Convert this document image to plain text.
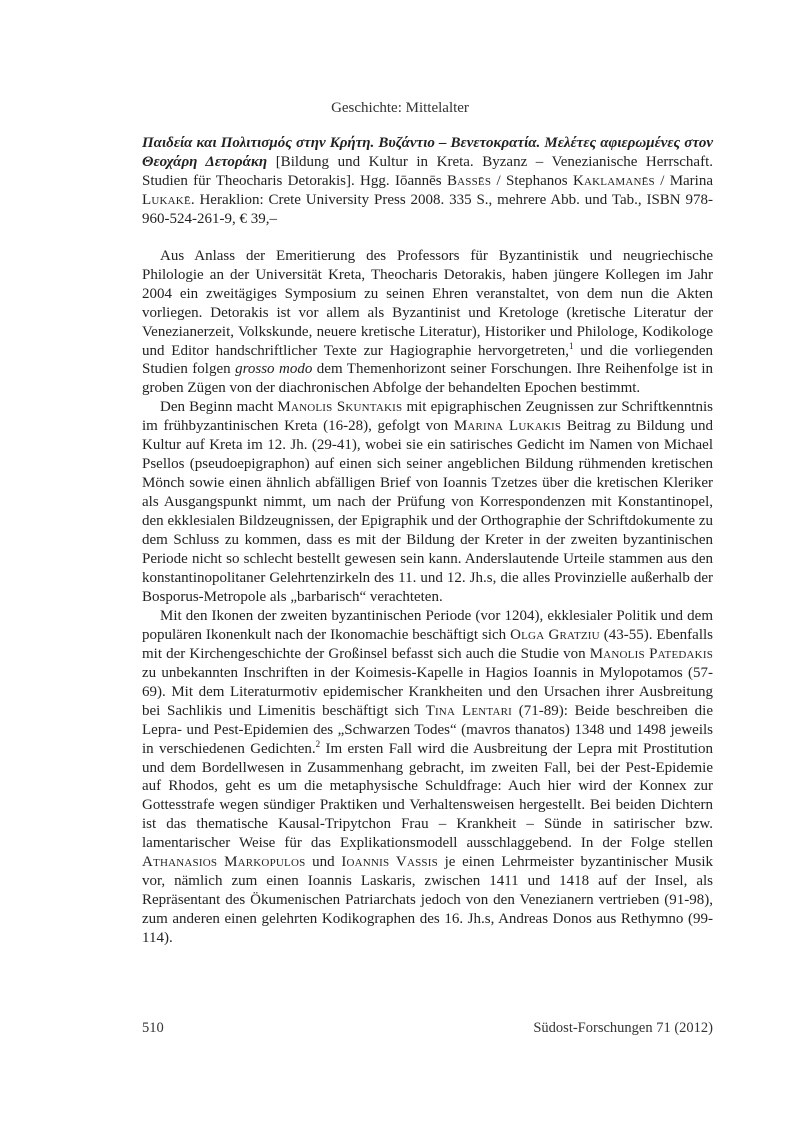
Geschichte: Mittelalter

Παιδεία και Πολιτισμός στην Κρήτη. Βυζάντιο – Βενετοκρατία. Μελέτες αφιερωμένες στον Θεοχάρη Δετοράκη [Bildung und Kultur in Kreta. Byzanz – Venezianische Herrschaft. Studien für Theocharis Detorakis]. Hgg. Iōannēs Bassēs / Stephanos Kaklamanēs / Marina Lukakē. Heraklion: Crete University Press 2008. 335 S., mehrere Abb. und Tab., ISBN 978-960-524-261-9, € 39,–

Aus Anlass der Emeritierung des Professors für Byzantinistik und neugriechische Philologie an der Universität Kreta, Theocharis Detorakis, haben jüngere Kollegen im Jahr 2004 ein zweitägiges Symposium zu seinen Ehren veranstaltet, von dem nun die Akten vorliegen. Detorakis ist vor allem als Byzantinist und Kretologe (kretische Literatur der Venezianerzeit, Volkskunde, neuere kretische Literatur), Historiker und Philologe, Kodikologe und Editor handschriftlicher Texte zur Hagiographie hervorgetreten,$^1$ und die vorliegenden Studien folgen grosso modo dem Themenhorizont seiner Forschungen. Ihre Reihenfolge ist in groben Zügen von der diachronischen Abfolge der behandelten Epochen bestimmt.

Den Beginn macht Manolis Skuntakis mit epigraphischen Zeugnissen zur Schriftkenntnis im frühbyzantinischen Kreta (16-28), gefolgt von Marina Lukakis Beitrag zu Bildung und Kultur auf Kreta im 12. Jh. (29-41), wobei sie ein satirisches Gedicht im Namen von Michael Psellos (pseudoepigraphon) auf einen sich seiner angeblichen Bildung rühmenden kretischen Mönch sowie einen ähnlich abfälligen Brief von Ioannis Tzetzes über die kretischen Kleriker als Ausgangspunkt nimmt, um nach der Prüfung von Korrespondenzen mit Konstantinopel, den ekklesialen Bildzeugnissen, der Epigraphik und der Orthographie der Schriftdokumente zu dem Schluss zu kommen, dass es mit der Bildung der Kreter in der zweiten byzantinischen Periode nicht so schlecht bestellt gewesen sein kann. Anderslautende Urteile stammen aus den konstantinopolitaner Gelehrtenzirkeln des 11. und 12. Jh.s, die alles Provinzielle außerhalb der Bosporus-Metropole als „barbarisch“ verachteten.

Mit den Ikonen der zweiten byzantinischen Periode (vor 1204), ekklesialer Politik und dem populären Ikonenkult nach der Ikonomachie beschäftigt sich Olga Gratziu (43-55). Ebenfalls mit der Kirchengeschichte der Großinsel befasst sich auch die Studie von Manolis Patedakis zu unbekannten Inschriften in der Koimesis-Kapelle in Hagios Ioannis in Mylopotamos (57-69). Mit dem Literaturmotiv epidemischer Krankheiten und den Ursachen ihrer Ausbreitung bei Sachlikis und Limenitis beschäftigt sich Tina Lentari (71-89): Beide beschreiben die Lepra- und Pest-Epidemien des „Schwarzen Todes“ (mavros thanatos) 1348 und 1498 jeweils in verschiedenen Gedichten.$^2$ Im ersten Fall wird die Ausbreitung der Lepra mit Prostitution und dem Bordellwesen in Zusammenhang gebracht, im zweiten Fall, bei der Pest-Epidemie auf Rhodos, geht es um die metaphysische Schuldfrage: Auch hier wird der Konnex zur Gottesstrafe wegen sündiger Praktiken und Verhaltensweisen hergestellt. Bei beiden Dichtern ist das thematische Kausal-Tripytchon Frau – Krankheit – Sünde in satirischer bzw. lamentarischer Weise für das Explikationsmodell ausschlaggebend. In der Folge stellen Athanasios Markopulos und Ioannis Vassis je einen Lehrmeister byzantinischer Musik vor, nämlich zum einen Ioannis Laskaris, zwischen 1411 und 1418 auf der Insel, als Repräsentant des Ökumenischen Patriarchats jedoch von den Venezianern vertrieben (91-98), zum anderen einen gelehrten Kodikographen des 16. Jh.s, Andreas Donos aus Rethymno (99-114).

510	Südost-Forschungen 71 (2012)
